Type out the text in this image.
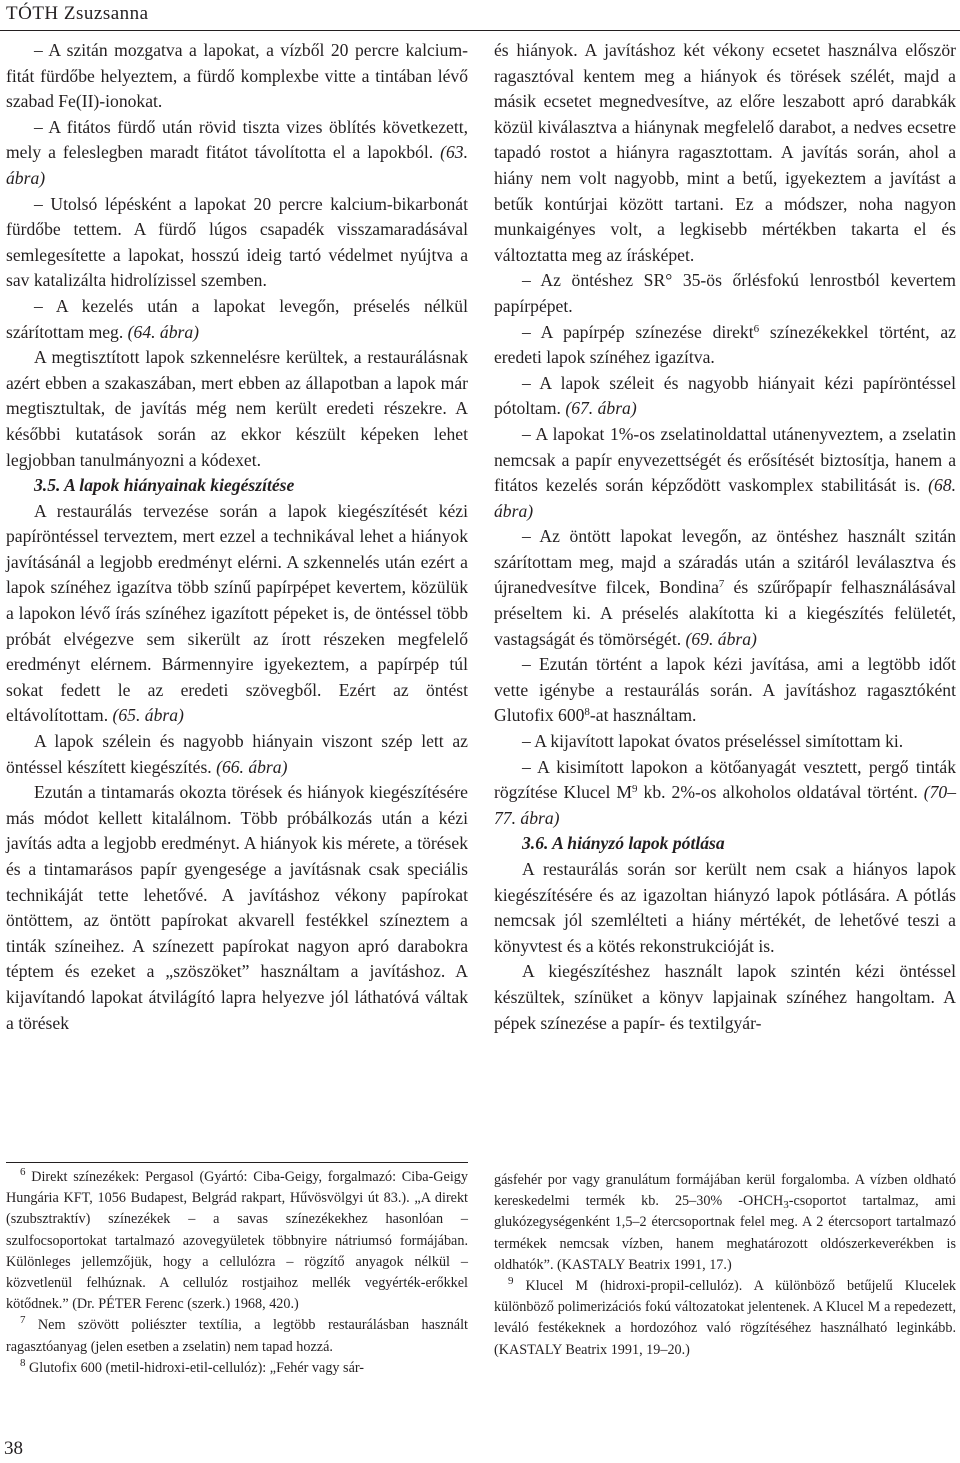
TÓTH Zsuzsanna

– A szitán mozgatva a lapokat, a vízből 20 percre kalcium-fitát fürdőbe helyeztem, a fürdő komplexbe vitte a tintában lévő szabad Fe(II)-ionokat.

– A fitátos fürdő után rövid tiszta vizes öblítés következett, mely a feleslegben maradt fitátot távolította el a lapokból. (63. ábra)

– Utolsó lépésként a lapokat 20 percre kalcium-bikarbonát fürdőbe tettem. A fürdő lúgos csapadék visszamaradásával semlegesítette a lapokat, hosszú ideig tartó védelmet nyújtva a sav katalizálta hidrolízissel szemben.

– A kezelés után a lapokat levegőn, préselés nélkül szárítottam meg. (64. ábra)

A megtisztított lapok szkennelésre kerültek, a restaurálásnak azért ebben a szakaszában, mert ebben az állapotban a lapok már megtisztultak, de javítás még nem került eredeti részekre. A későbbi kutatások során az ekkor készült képeken lehet legjobban tanulmányozni a kódexet.

3.5. A lapok hiányainak kiegészítése

A restaurálás tervezése során a lapok kiegészítését kézi papíröntéssel terveztem, mert ezzel a technikával lehet a hiányok javításánál a legjobb eredményt elérni. A szkennelés után ezért a lapok színéhez igazítva több színű papírpépet kevertem, közülük a lapokon lévő írás színéhez igazított pépeket is, de öntéssel több próbát elvégezve sem sikerült az írott részeken megfelelő eredményt elérnem. Bármennyire igyekeztem, a papírpép túl sokat fedett le az eredeti szövegből. Ezért az öntést eltávolítottam. (65. ábra)

A lapok szélein és nagyobb hiányain viszont szép lett az öntéssel készített kiegészítés. (66. ábra)

Ezután a tintamarás okozta törések és hiányok kiegészítésére más módot kellett kitalálnom. Több próbálkozás után a kézi javítás adta a legjobb eredményt. A hiányok kis mérete, a törések és a tintamarásos papír gyengesége a javításnak csak speciális technikáját tette lehetővé. A javításhoz vékony papírokat öntöttem, az öntött papírokat akvarell festékkel színeztem a tinták színeihez. A színezett papírokat nagyon apró darabokra téptem és ezeket a „szöszöket” használtam a javításhoz. A kijavítandó lapokat átvilágító lapra helyezve jól láthatóvá váltak a törések

és hiányok. A javításhoz két vékony ecsetet használva először ragasztóval kentem meg a hiányok és törések szélét, majd a másik ecsetet megnedvesítve, az előre leszabott apró darabkák közül kiválasztva a hiánynak megfelelő darabot, a nedves ecsetre tapadó rostot a hiányra ragasztottam. A javítás során, ahol a hiány nem volt nagyobb, mint a betű, igyekeztem a javítást a betűk kontúrjai között tartani. Ez a módszer, noha nagyon munkaigényes volt, a legkisebb mértékben takarta el és változtatta meg az írásképet.

– Az öntéshez SR° 35-ös őrlésfokú lenrostból kevertem papírpépet.

– A papírpép színezése direkt$^6$ színezékekkel történt, az eredeti lapok színéhez igazítva.

– A lapok széleit és nagyobb hiányait kézi papíröntéssel pótoltam. (67. ábra)

– A lapokat 1%-os zselatinoldattal utánenyveztem, a zselatin nemcsak a papír enyvezettségét és erősítését biztosítja, hanem a fitátos kezelés során képződött vaskomplex stabilitását is. (68. ábra)

– Az öntött lapokat levegőn, az öntéshez használt szitán szárítottam meg, majd a száradás után a szitáról leválasztva és újranedvesítve filcek, Bondina$^7$ és szűrőpapír felhasználásával préseltem ki. A préselés alakította ki a kiegészítés felületét, vastagságát és tömörségét. (69. ábra)

– Ezután történt a lapok kézi javítása, ami a legtöbb időt vette igénybe a restaurálás során. A javításhoz ragasztóként Glutofix $600^8-at$ használtam.

– A kijavított lapokat óvatos préseléssel simítottam ki.

– A kisimított lapokon a kötőanyagát vesztett, pergő tinták rögzítése Klucel $M^9$ kb. 2%-os alkoholos oldatával történt. (70–77. ábra)

3.6. A hiányzó lapok pótlása

A restaurálás során sor került nem csak a hiányos lapok kiegészítésére és az igazoltan hiányzó lapok pótlására. A pótlás nemcsak jól szemlélteti a hiány mértékét, de lehetővé teszi a könyvtest és a kötés rekonstrukcióját is.

A kiegészítéshez használt lapok szintén kézi öntéssel készültek, színüket a könyv lapjainak színéhez hangoltam. A pépek színezése a papír- és textilgyár-

$^6$ Direkt színezékek: Pergasol (Gyártó: Ciba-Geigy, forgalmazó: Ciba-Geigy Hungária KFT, 1056 Budapest, Belgrád rakpart, Hűvösvölgyi út 83.). „A direkt (szubsztraktív) színezékek – a savas színezékekhez hasonlóan – szulfocsoportokat tartalmazó azovegyületek többnyire nátriumsó formájában. Különleges jellemzőjük, hogy a cellulózra – rögzítő anyagok nélkül – közvetlenül felhúznak. A cellulóz rostjaihoz mellék vegyérték-erőkkel kötődnek.” (Dr. PÉTER Ferenc (szerk.) 1968, 420.)

$^7$ Nem szövött poliészter textília, a legtöbb restaurálásban használt ragasztóanyag (jelen esetben a zselatin) nem tapad hozzá.

$^8$ Glutofix 600 (metil-hidroxi-etil-cellulóz): „Fehér vagy sár-

gásfehér por vagy granulátum formájában kerül forgalomba. A vízben oldható kereskedelmi termék kb. 25–30% $-OHCH_3$-csoportot tartalmaz, ami glukózegységenként 1,5–2 étercsoportnak felel meg. A 2 étercsoport tartalmazó termékek nemcsak vízben, hanem meghatározott oldószerkeverékben is oldhatók”. (KASTALY Beatrix 1991, 17.)

$^9$ Klucel M (hidroxi-propil-cellulóz). A különböző betűjelű Klucelek különböző polimerizációs fokú változatokat jelentenek. A Klucel M a repedezett, leváló festékeknek a hordozóhoz való rögzítéséhez használható leginkább. (KASTALY Beatrix 1991, 19–20.)

38
